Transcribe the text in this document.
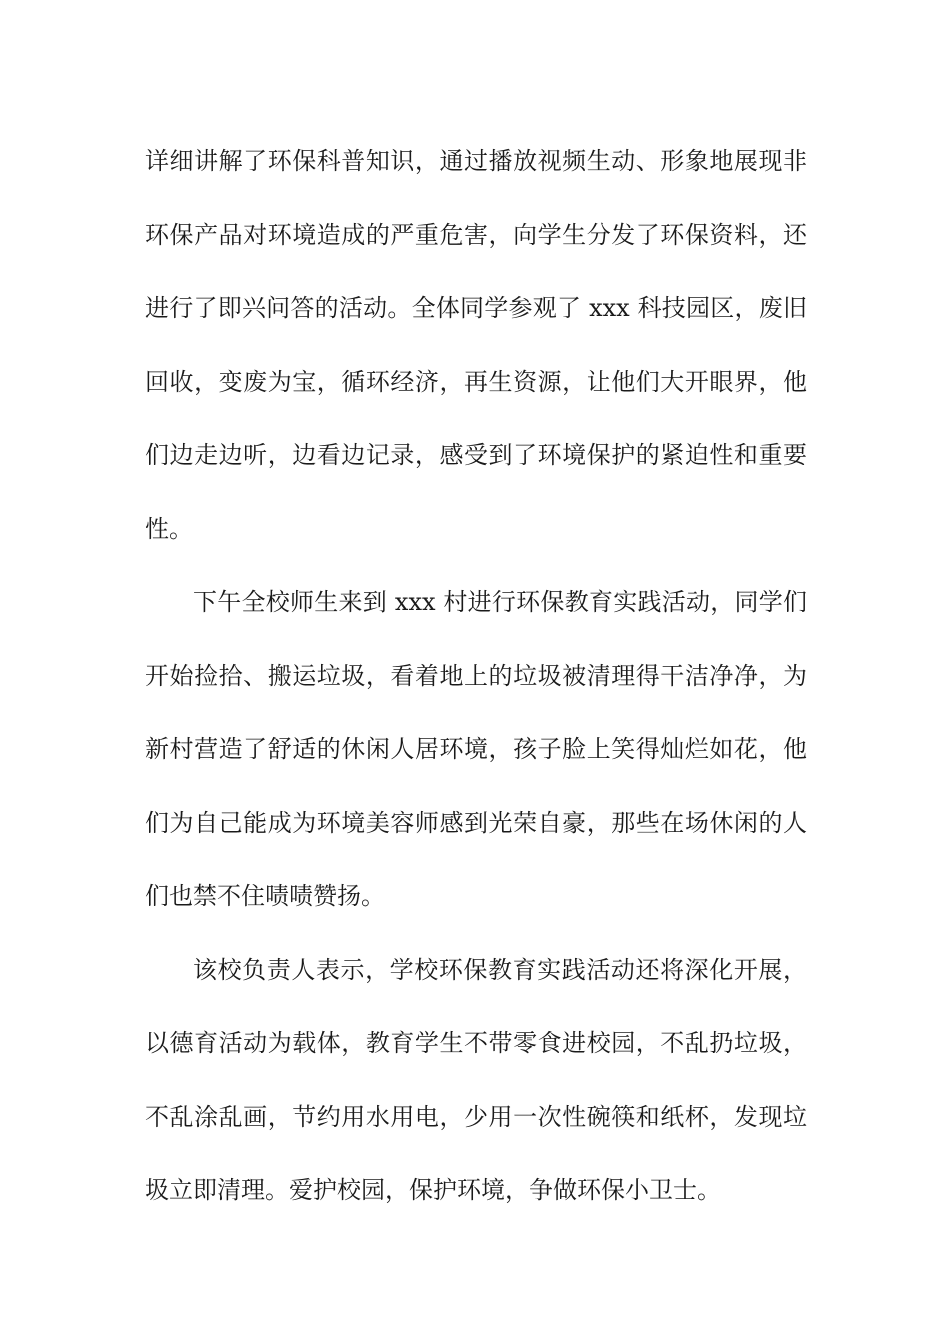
详细讲解了环保科普知识，通过播放视频生动、形象地展现非
环保产品对环境造成的严重危害，向学生分发了环保资料，还
进行了即兴问答的活动。全体同学参观了 xxx 科技园区，废旧
回收，变废为宝，循环经济，再生资源，让他们大开眼界，他
们边走边听，边看边记录，感受到了环境保护的紧迫性和重要
性。
下午全校师生来到 xxx 村进行环保教育实践活动，同学们
开始捡拾、搬运垃圾，看着地上的垃圾被清理得干洁净净，为
新村营造了舒适的休闲人居环境，孩子脸上笑得灿烂如花，他
们为自己能成为环境美容师感到光荣自豪，那些在场休闲的人
们也禁不住啧啧赞扬。
该校负责人表示，学校环保教育实践活动还将深化开展，
以德育活动为载体，教育学生不带零食进校园，不乱扔垃圾，
不乱涂乱画，节约用水用电，少用一次性碗筷和纸杯，发现垃
圾立即清理。爱护校园，保护环境，争做环保小卫士。
